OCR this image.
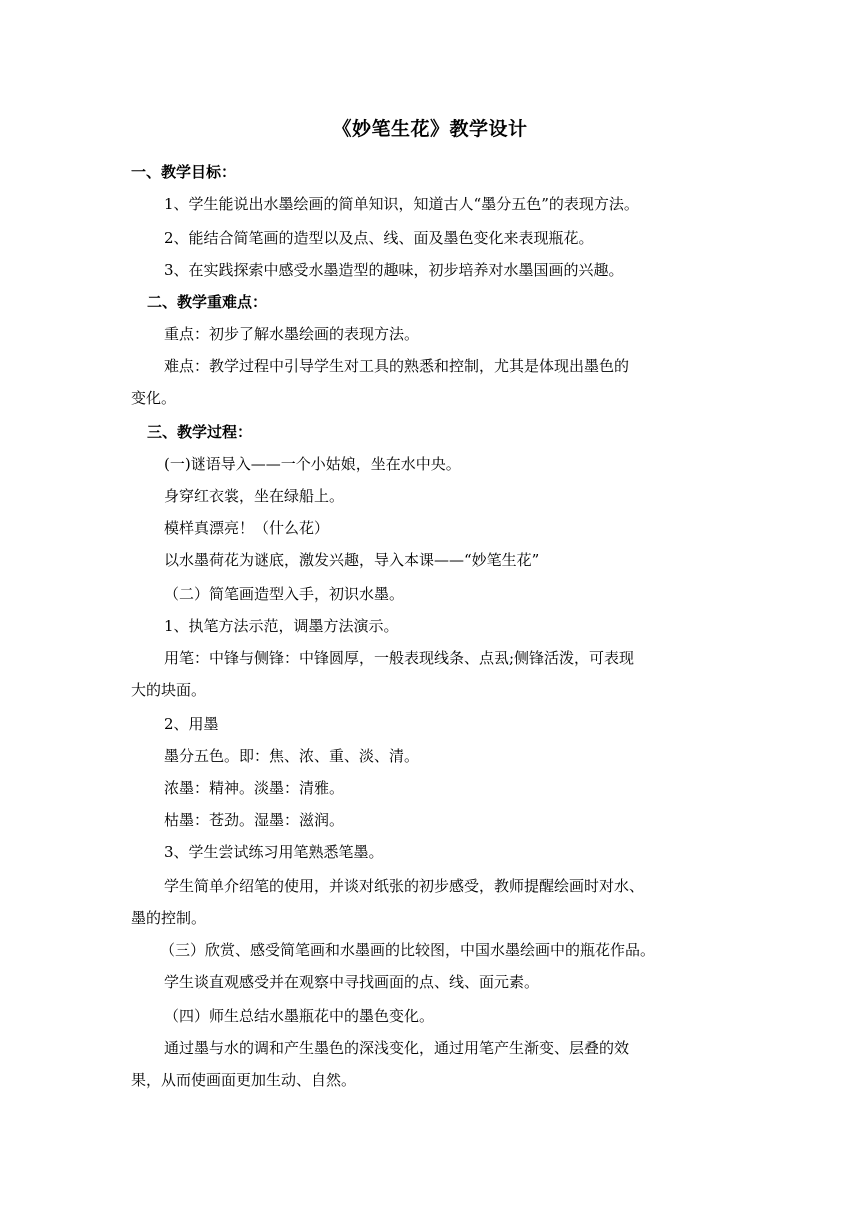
《妙笔生花》教学设计
一、教学目标：
1、学生能说出水墨绘画的简单知识，知道古人“墨分五色”的表现方法。
2、能结合简笔画的造型以及点、线、面及墨色变化来表现瓶花。
3、在实践探索中感受水墨造型的趣味，初步培养对水墨国画的兴趣。
二、教学重难点：
重点：初步了解水墨绘画的表现方法。
难点：教学过程中引导学生对工具的熟悉和控制，尤其是体现出墨色的
变化。
三、教学过程：
(一)谜语导入——一个小姑娘，坐在水中央。
身穿红衣裳，坐在绿船上。
模样真漂亮！（什么花）
以水墨荷花为谜底，激发兴趣，导入本课——“妙笔生花”
（二）简笔画造型入手，初识水墨。
1、执笔方法示范，调墨方法演示。
用笔：中锋与侧锋：中锋圆厚，一般表现线条、点厾;侧锋活泼，可表现
大的块面。
2、用墨
墨分五色。即：焦、浓、重、淡、清。
浓墨：精神。淡墨：清雅。
枯墨：苍劲。湿墨：滋润。
3、学生尝试练习用笔熟悉笔墨。
学生简单介绍笔的使用，并谈对纸张的初步感受，教师提醒绘画时对水、
墨的控制。
（三）欣赏、感受简笔画和水墨画的比较图，中国水墨绘画中的瓶花作品。
学生谈直观感受并在观察中寻找画面的点、线、面元素。
（四）师生总结水墨瓶花中的墨色变化。
通过墨与水的调和产生墨色的深浅变化，通过用笔产生渐变、层叠的效
果，从而使画面更加生动、自然。
